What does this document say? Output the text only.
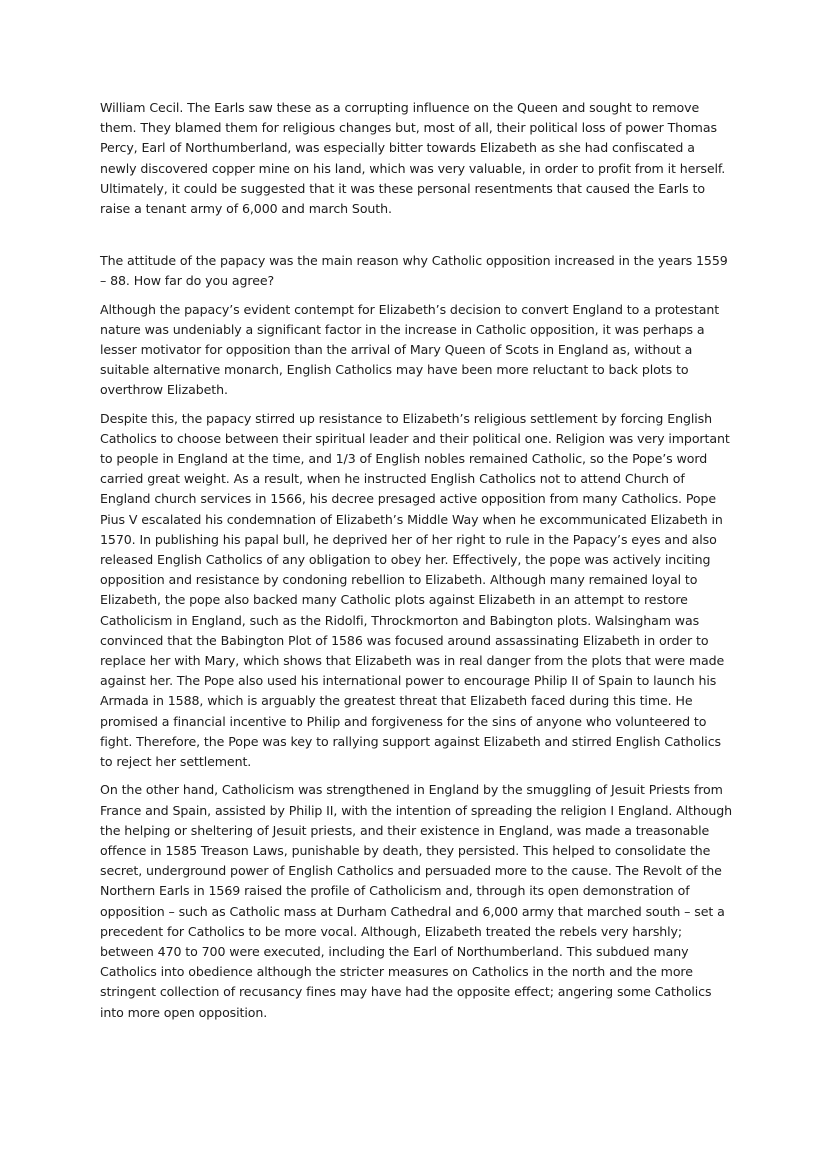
William Cecil. The Earls saw these as a corrupting influence on the Queen and sought to remove them. They blamed them for religious changes but, most of all, their political loss of power Thomas Percy, Earl of Northumberland, was especially bitter towards Elizabeth as she had confiscated a newly discovered copper mine on his land, which was very valuable, in order to profit from it herself. Ultimately, it could be suggested that it was these personal resentments that caused the Earls to raise a tenant army of 6,000 and march South.

The attitude of the papacy was the main reason why Catholic opposition increased in the years 1559 – 88. How far do you agree?

Although the papacy’s evident contempt for Elizabeth’s decision to convert England to a protestant nature was undeniably a significant factor in the increase in Catholic opposition, it was perhaps a lesser motivator for opposition than the arrival of Mary Queen of Scots in England as, without a suitable alternative monarch, English Catholics may have been more reluctant to back plots to overthrow Elizabeth.

Despite this, the papacy stirred up resistance to Elizabeth’s religious settlement by forcing English Catholics to choose between their spiritual leader and their political one. Religion was very important to people in England at the time, and 1/3 of English nobles remained Catholic, so the Pope’s word carried great weight. As a result, when he instructed English Catholics not to attend Church of England church services in 1566, his decree presaged active opposition from many Catholics. Pope Pius V escalated his condemnation of Elizabeth’s Middle Way when he excommunicated Elizabeth in 1570. In publishing his papal bull, he deprived her of her right to rule in the Papacy’s eyes and also released English Catholics of any obligation to obey her. Effectively, the pope was actively inciting opposition and resistance by condoning rebellion to Elizabeth. Although many remained loyal to Elizabeth, the pope also backed many Catholic plots against Elizabeth in an attempt to restore Catholicism in England, such as the Ridolfi, Throckmorton and Babington plots. Walsingham was convinced that the Babington Plot of 1586 was focused around assassinating Elizabeth in order to replace her with Mary, which shows that Elizabeth was in real danger from the plots that were made against her. The Pope also used his international power to encourage Philip II of Spain to launch his Armada in 1588, which is arguably the greatest threat that Elizabeth faced during this time. He promised a financial incentive to Philip and forgiveness for the sins of anyone who volunteered to fight. Therefore, the Pope was key to rallying support against Elizabeth and stirred English Catholics to reject her settlement.

On the other hand, Catholicism was strengthened in England by the smuggling of Jesuit Priests from France and Spain, assisted by Philip II, with the intention of spreading the religion I England. Although the helping or sheltering of Jesuit priests, and their existence in England, was made a treasonable offence in 1585 Treason Laws, punishable by death, they persisted. This helped to consolidate the secret, underground power of English Catholics and persuaded more to the cause. The Revolt of the Northern Earls in 1569 raised the profile of Catholicism and, through its open demonstration of opposition – such as Catholic mass at Durham Cathedral and 6,000 army that marched south – set a precedent for Catholics to be more vocal. Although, Elizabeth treated the rebels very harshly; between 470 to 700 were executed, including the Earl of Northumberland. This subdued many Catholics into obedience although the stricter measures on Catholics in the north and the more stringent collection of recusancy fines may have had the opposite effect; angering some Catholics into more open opposition.
